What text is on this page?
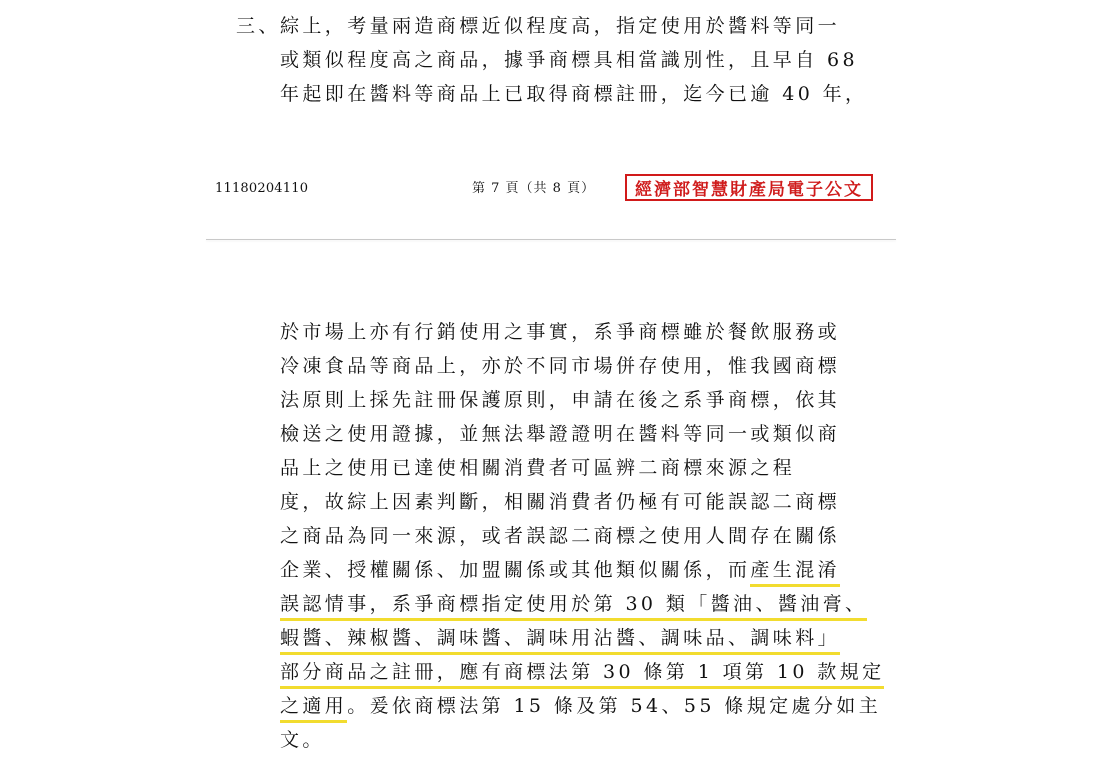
三、 綜上，考量兩造商標近似程度高，指定使用於醬料等同一
或類似程度高之商品，據爭商標具相當識別性，且早自 68
年起即在醬料等商品上已取得商標註冊，迄今已逾 40 年，
11180204110	第 7 頁（共 8 頁）	經濟部智慧財產局電子公文
於市場上亦有行銷使用之事實，系爭商標雖於餐飲服務或
冷凍食品等商品上，亦於不同市場併存使用，惟我國商標
法原則上採先註冊保護原則，申請在後之系爭商標，依其
檢送之使用證據，並無法舉證證明在醬料等同一或類似商
品上之使用已達使相關消費者可區辨二商標來源之程
度，故綜上因素判斷，相關消費者仍極有可能誤認二商標
之商品為同一來源，或者誤認二商標之使用人間存在關係
企業、授權關係、加盟關係或其他類似關係，而產生混淆
誤認情事，系爭商標指定使用於第 30 類「醬油、醬油膏、
蝦醬、辣椒醬、調味醬、調味用沾醬、調味品、調味料」
部分商品之註冊，應有商標法第 30 條第 1 項第 10 款規定
之適用。爰依商標法第 15 條及第 54、55 條規定處分如主
文。
